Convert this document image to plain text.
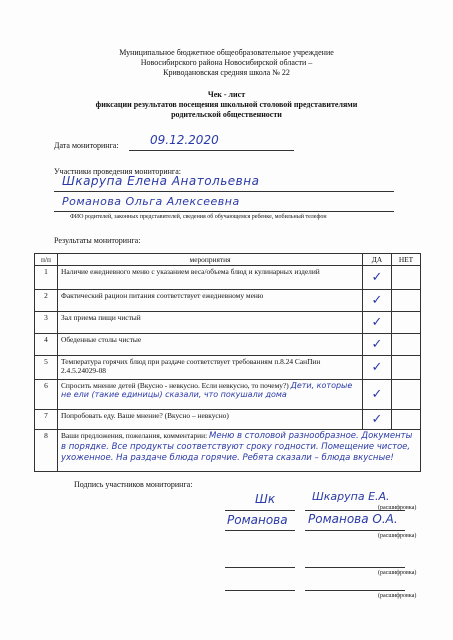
Муниципальное бюджетное общеобразовательное учреждение
Новосибирского района Новосибирской области –
Криводановская средняя школа № 22
Чек - лист
фиксации результатов посещения школьной столовой представителями родительской общественности
Дата мониторинга:	09.12.2020
Участники проведения мониторинга:
Шкарупа Елена Анатольевна
Романова Ольга Алексеевна
ФИО родителей, законных представителей, сведения об обучающемся ребенке, мобильный телефон
Результаты мониторинга:
п/п	мероприятия	ДА	НЕТ
1	Наличие ежедневного меню с указанием веса/объема блюд и кулинарных изделий	✓	
2	Фактический рацион питания соответствует ежедневному меню	✓	
3	Зал приема пищи чистый	✓	
4	Обеденные столы чистые	✓	
5	Температура горячих блюд при раздаче соответствует требованиям п.8.24 СанПин 2.4.5.24029-08	✓	
6	Спросить мнение детей (Вкусно - невкусно. Если невкусно, то почему?) Дети, которые не ели (такие единицы) сказали, что покушали дома	✓	
7	Попробовать еду. Ваше мнение? (Вкусно – невкусно)	✓	
8	Ваши предложения, пожелания, комментарии: Меню в столовой разнообразное. Документы в порядке. Все продукты соответствуют сроку годности. Помещение чистое, ухоженное. На раздаче блюда горячие. Ребята сказали – блюда вкусные!		
Подпись участников мониторинга:
Шк	Шкарупа Е.А.
(расшифровка)
Романова Романова О.А.
(расшифровка)
(расшифровка)
(расшифровка)
